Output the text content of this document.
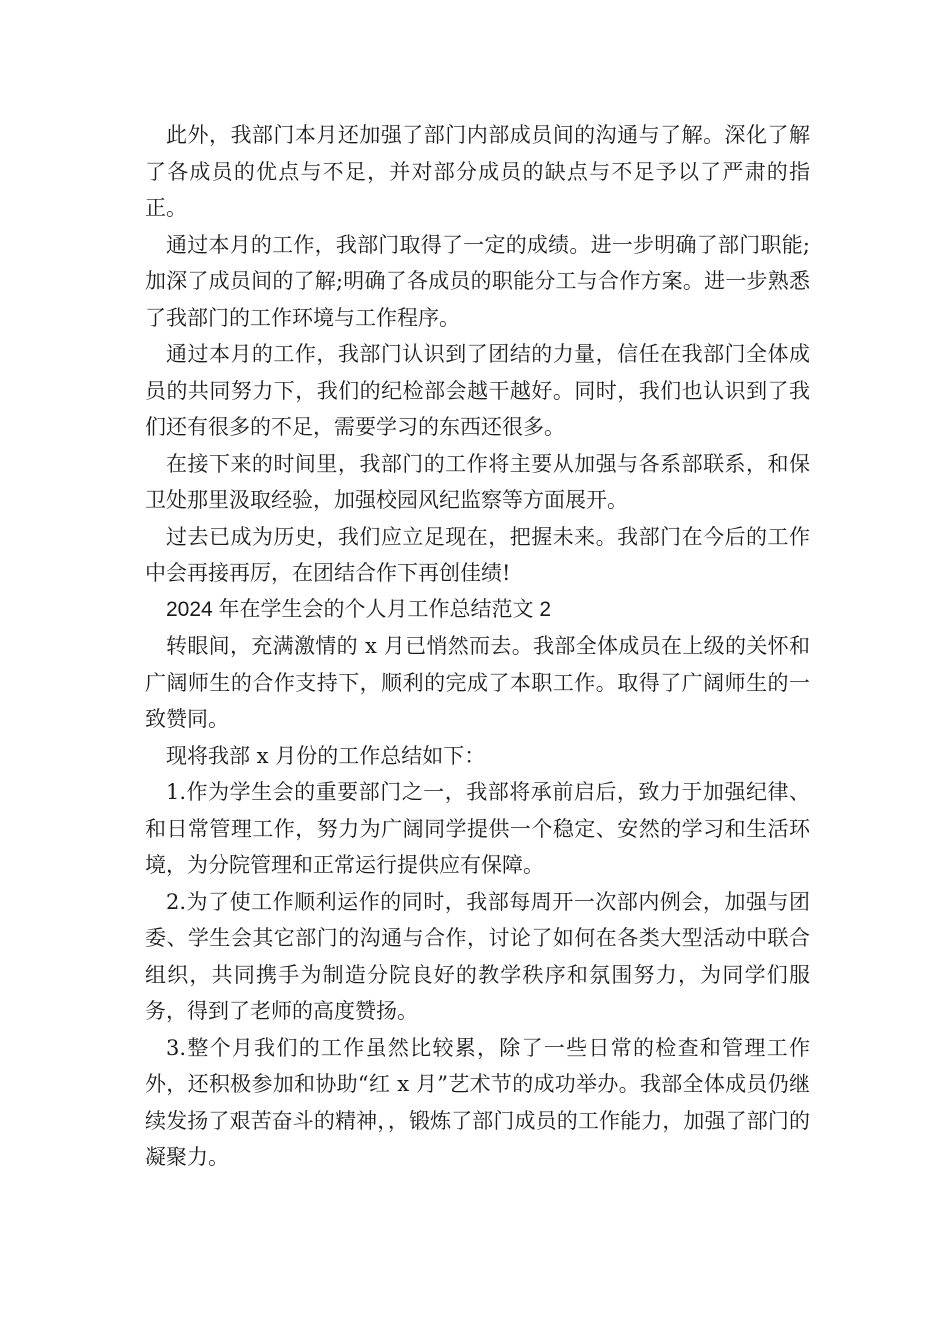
此外，我部门本月还加强了部门内部成员间的沟通与了解。深化了解了各成员的优点与不足，并对部分成员的缺点与不足予以了严肃的指正。

通过本月的工作，我部门取得了一定的成绩。进一步明确了部门职能;加深了成员间的了解;明确了各成员的职能分工与合作方案。进一步熟悉了我部门的工作环境与工作程序。

通过本月的工作，我部门认识到了团结的力量，信任在我部门全体成员的共同努力下，我们的纪检部会越干越好。同时，我们也认识到了我们还有很多的不足，需要学习的东西还很多。

在接下来的时间里，我部门的工作将主要从加强与各系部联系，和保卫处那里汲取经验，加强校园风纪监察等方面展开。

过去已成为历史，我们应立足现在，把握未来。我部门在今后的工作中会再接再厉，在团结合作下再创佳绩!

2024 年在学生会的个人月工作总结范文 2

转眼间，充满激情的 x 月已悄然而去。我部全体成员在上级的关怀和广阔师生的合作支持下，顺利的完成了本职工作。取得了广阔师生的一致赞同。

现将我部 x 月份的工作总结如下：

1.作为学生会的重要部门之一，我部将承前启后，致力于加强纪律、和日常管理工作，努力为广阔同学提供一个稳定、安然的学习和生活环境，为分院管理和正常运行提供应有保障。

2.为了使工作顺利运作的同时，我部每周开一次部内例会，加强与团委、学生会其它部门的沟通与合作，讨论了如何在各类大型活动中联合组织，共同携手为制造分院良好的教学秩序和氛围努力，为同学们服务，得到了老师的高度赞扬。

3.整个月我们的工作虽然比较累，除了一些日常的检查和管理工作外，还积极参加和协助“红 x 月”艺术节的成功举办。我部全体成员仍继续发扬了艰苦奋斗的精神，，锻炼了部门成员的工作能力，加强了部门的凝聚力。
